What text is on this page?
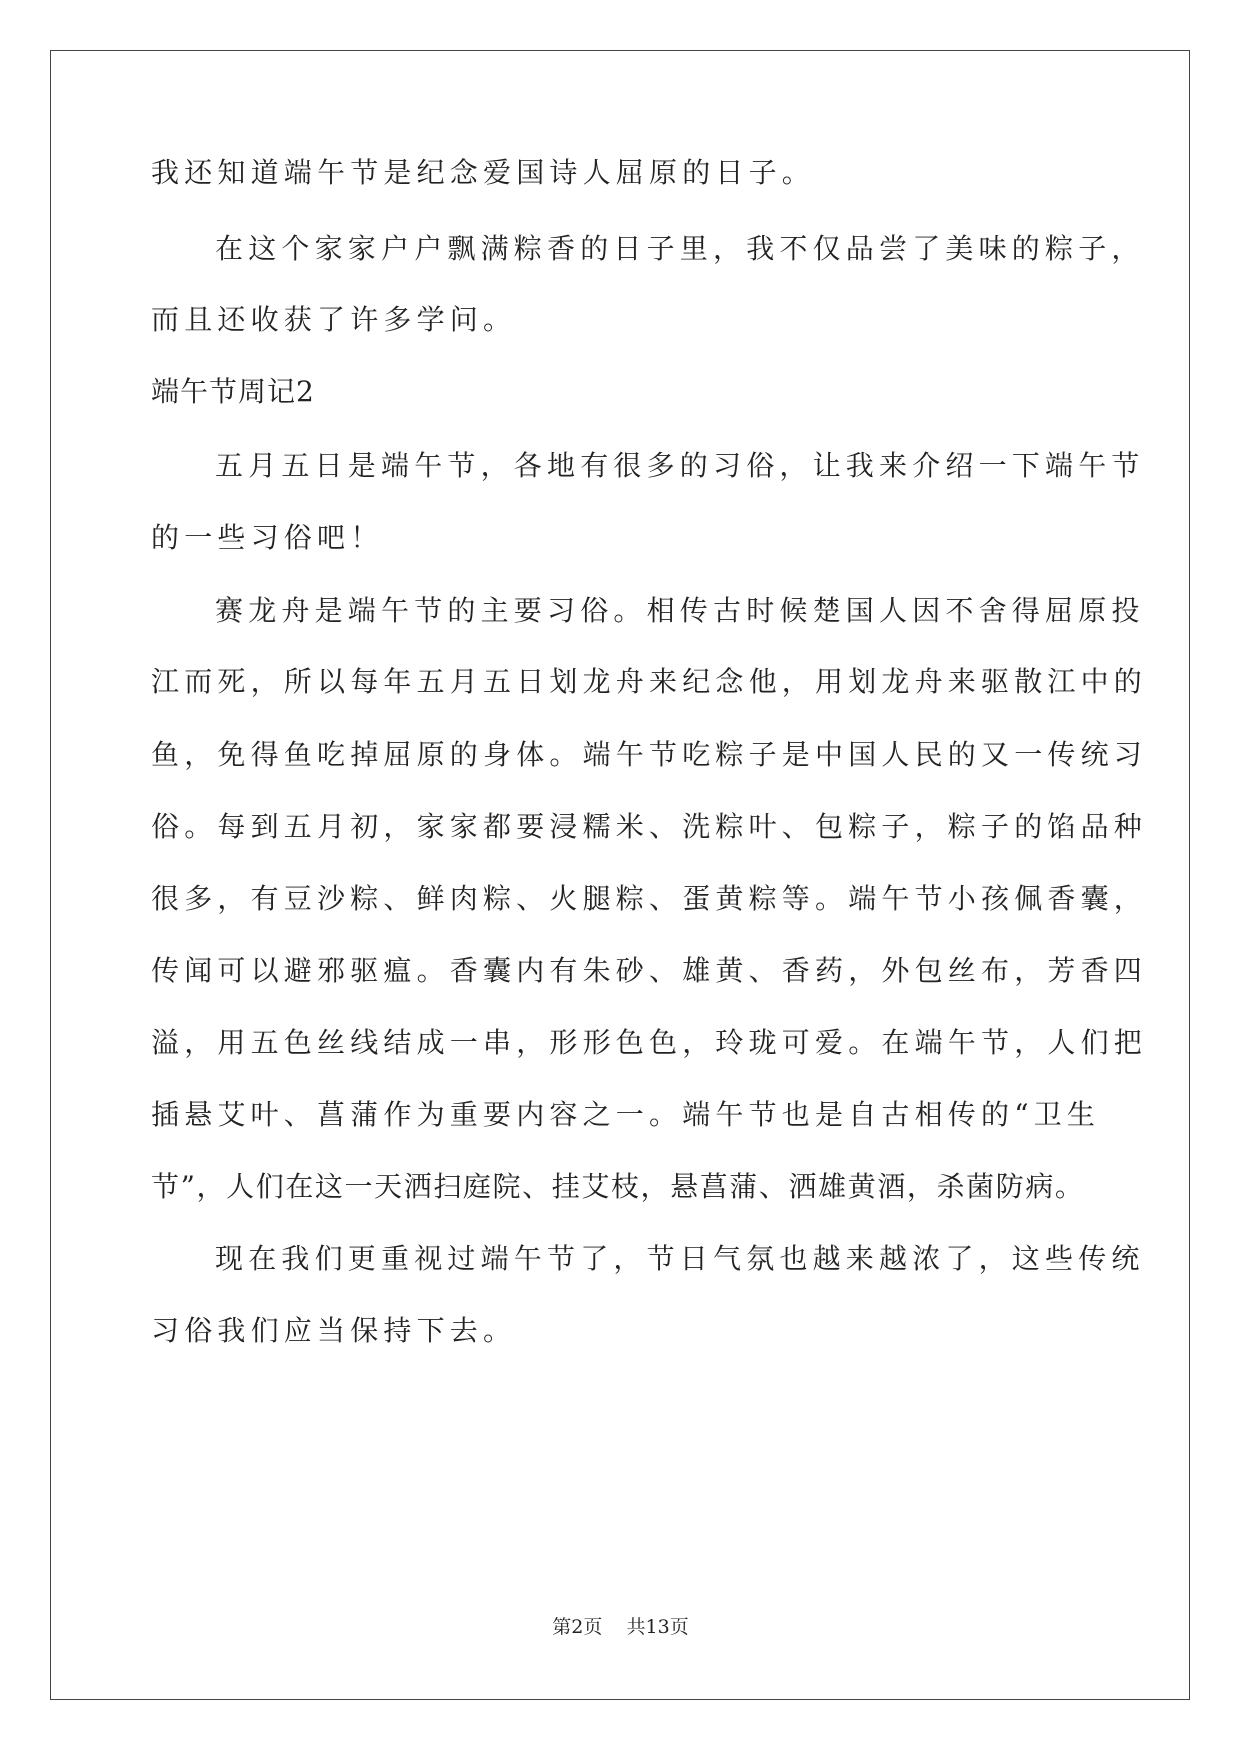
我还知道端午节是纪念爱国诗人屈原的日子。
在这个家家户户飘满粽香的日子里，我不仅品尝了美味的粽子，
而且还收获了许多学问。
端午节周记2
五月五日是端午节，各地有很多的习俗，让我来介绍一下端午节
的一些习俗吧！
赛龙舟是端午节的主要习俗。相传古时候楚国人因不舍得屈原投
江而死，所以每年五月五日划龙舟来纪念他，用划龙舟来驱散江中的
鱼，免得鱼吃掉屈原的身体。端午节吃粽子是中国人民的又一传统习
俗。每到五月初，家家都要浸糯米、洗粽叶、包粽子，粽子的馅品种
很多，有豆沙粽、鲜肉粽、火腿粽、蛋黄粽等。端午节小孩佩香囊，
传闻可以避邪驱瘟。香囊内有朱砂、雄黄、香药，外包丝布，芳香四
溢，用五色丝线结成一串，形形色色，玲珑可爱。在端午节，人们把
插悬艾叶、菖蒲作为重要内容之一。端午节也是自古相传的“卫生
节”，人们在这一天洒扫庭院、挂艾枝，悬菖蒲、洒雄黄酒，杀菌防病。
现在我们更重视过端午节了，节日气氛也越来越浓了，这些传统
习俗我们应当保持下去。
第2页 共13页
